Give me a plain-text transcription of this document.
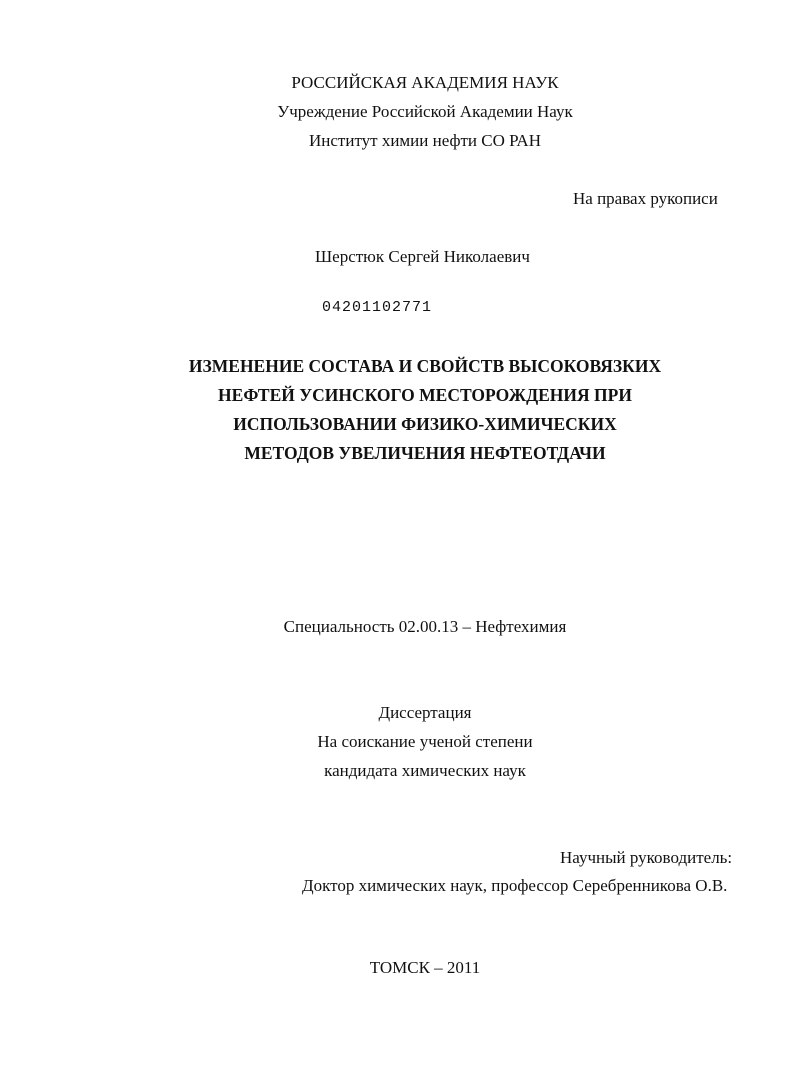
РОССИЙСКАЯ АКАДЕМИЯ НАУК
Учреждение Российской Академии Наук
Институт химии нефти СО РАН
На правах рукописи
Шерстюк Сергей Николаевич
04201102771
ИЗМЕНЕНИЕ СОСТАВА И СВОЙСТВ ВЫСОКОВЯЗКИХ
НЕФТЕЙ УСИНСКОГО МЕСТОРОЖДЕНИЯ ПРИ
ИСПОЛЬЗОВАНИИ ФИЗИКО-ХИМИЧЕСКИХ
МЕТОДОВ УВЕЛИЧЕНИЯ НЕФТЕОТДАЧИ
Специальность 02.00.13 – Нефтехимия
Диссертация
На соискание ученой степени
кандидата химических наук
Научный руководитель:
Доктор химических наук, профессор Серебренникова О.В.
ТОМСК – 2011
